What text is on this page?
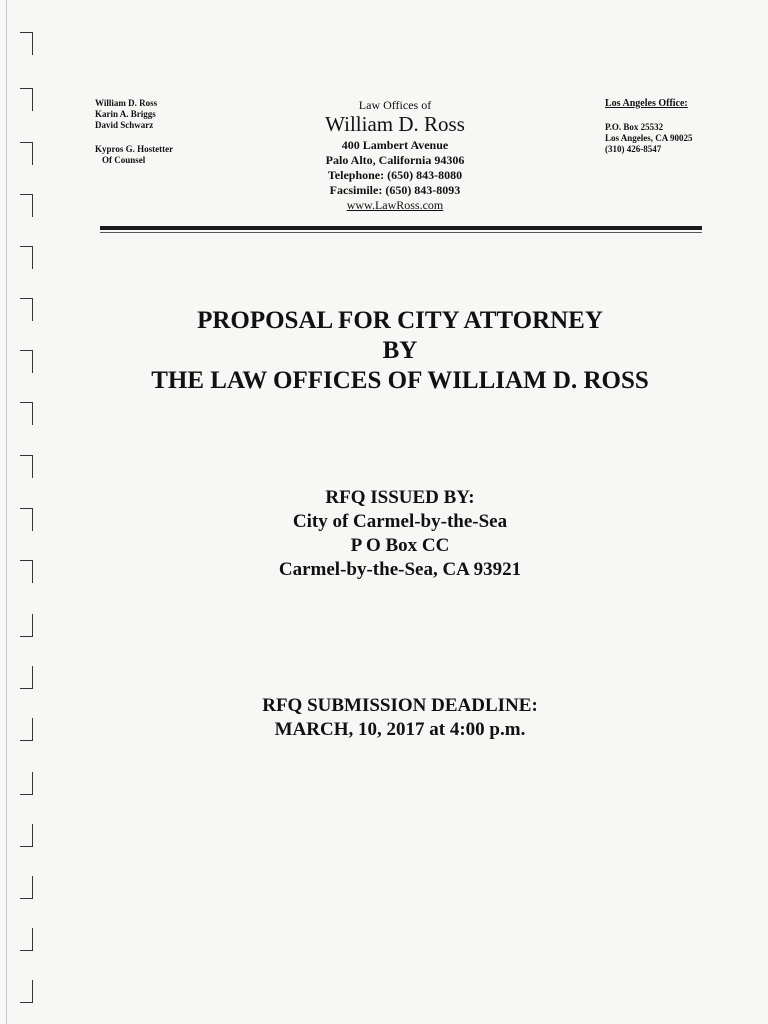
William D. Ross
Karin A. Briggs
David Schwarz
Kypros G. Hostetter
Of Counsel
Law Offices of
William D. Ross
400 Lambert Avenue
Palo Alto, California 94306
Telephone: (650) 843-8080
Facsimile: (650) 843-8093
www.LawRoss.com
Los Angeles Office:
P.O. Box 25532
Los Angeles, CA 90025
(310) 426-8547
PROPOSAL FOR CITY ATTORNEY
BY
THE LAW OFFICES OF WILLIAM D. ROSS
RFQ ISSUED BY:
City of Carmel-by-the-Sea
P O Box CC
Carmel-by-the-Sea, CA 93921
RFQ SUBMISSION DEADLINE:
MARCH, 10, 2017 at 4:00 p.m.
